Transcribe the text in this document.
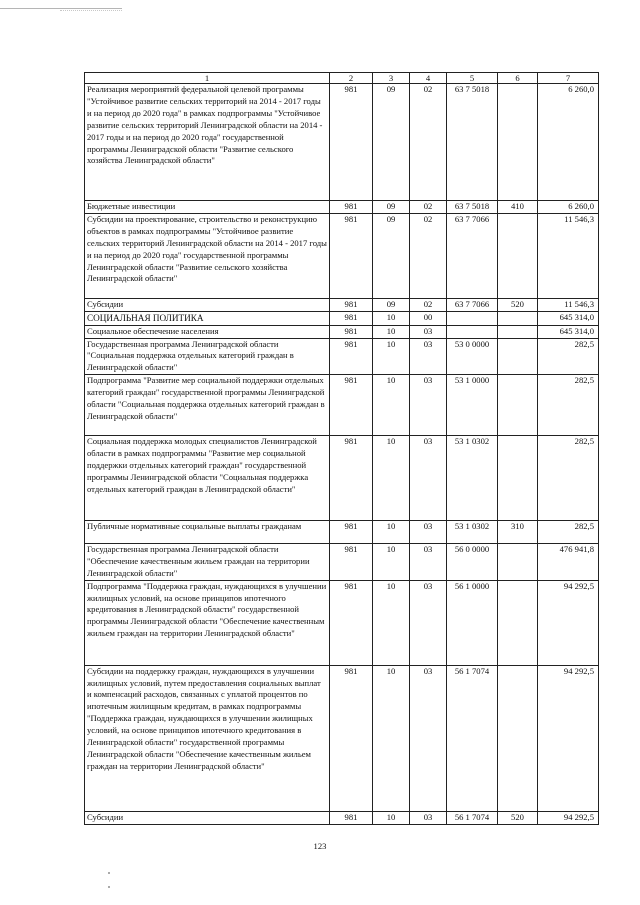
1	2	3	4	5	6	7
Реализация мероприятий федеральной целевой программы "Устойчивое развитие сельских территорий на 2014 - 2017 годы и на период до 2020 года" в рамках подпрограммы "Устойчивое развитие сельских территорий Ленинградской области на 2014 - 2017 годы и на период до 2020 года" государственной программы Ленинградской области "Развитие сельского хозяйства Ленинградской области"	981	09	02	63 7 5018		6 260,0
Бюджетные инвестиции	981	09	02	63 7 5018	410	6 260,0
Субсидии на проектирование, строительство и реконструкцию объектов в рамках подпрограммы "Устойчивое развитие сельских территорий Ленинградской области на 2014 - 2017 годы и на период до 2020 года" государственной программы Ленинградской области "Развитие сельского хозяйства Ленинградской области"	981	09	02	63 7 7066		11 546,3
Субсидии	981	09	02	63 7 7066	520	11 546,3
СОЦИАЛЬНАЯ ПОЛИТИКА	981	10	00			645 314,0
Социальное обеспечение населения	981	10	03			645 314,0
Государственная программа Ленинградской области "Социальная поддержка отдельных категорий граждан в Ленинградской области"	981	10	03	53 0 0000		282,5
Подпрограмма "Развитие мер социальной поддержки отдельных категорий граждан" государственной программы Ленинградской области "Социальная поддержка отдельных категорий граждан в Ленинградской области"	981	10	03	53 1 0000		282,5
Социальная поддержка молодых специалистов Ленинградской области в рамках подпрограммы "Развитие мер социальной поддержки отдельных категорий граждан" государственной программы Ленинградской области "Социальная поддержка отдельных категорий граждан в Ленинградской области"	981	10	03	53 1 0302		282,5
Публичные нормативные социальные выплаты гражданам	981	10	03	53 1 0302	310	282,5
Государственная программа Ленинградской области "Обеспечение качественным жильем граждан на территории Ленинградской области"	981	10	03	56 0 0000		476 941,8
Подпрограмма "Поддержка граждан, нуждающихся в улучшении жилищных условий, на основе принципов ипотечного кредитования в Ленинградской области" государственной программы Ленинградской области "Обеспечение качественным жильем граждан на территории Ленинградской области"	981	10	03	56 1 0000		94 292,5
Субсидии на поддержку граждан, нуждающихся в улучшении жилищных условий, путем предоставления социальных выплат и компенсаций расходов, связанных с уплатой процентов по ипотечным жилищным кредитам, в рамках подпрограммы "Поддержка граждан, нуждающихся в улучшении жилищных условий, на основе принципов ипотечного кредитования в Ленинградской области" государственной программы Ленинградской области "Обеспечение качественным жильем граждан на территории Ленинградской области"	981	10	03	56 1 7074		94 292,5
Субсидии	981	10	03	56 1 7074	520	94 292,5
123
